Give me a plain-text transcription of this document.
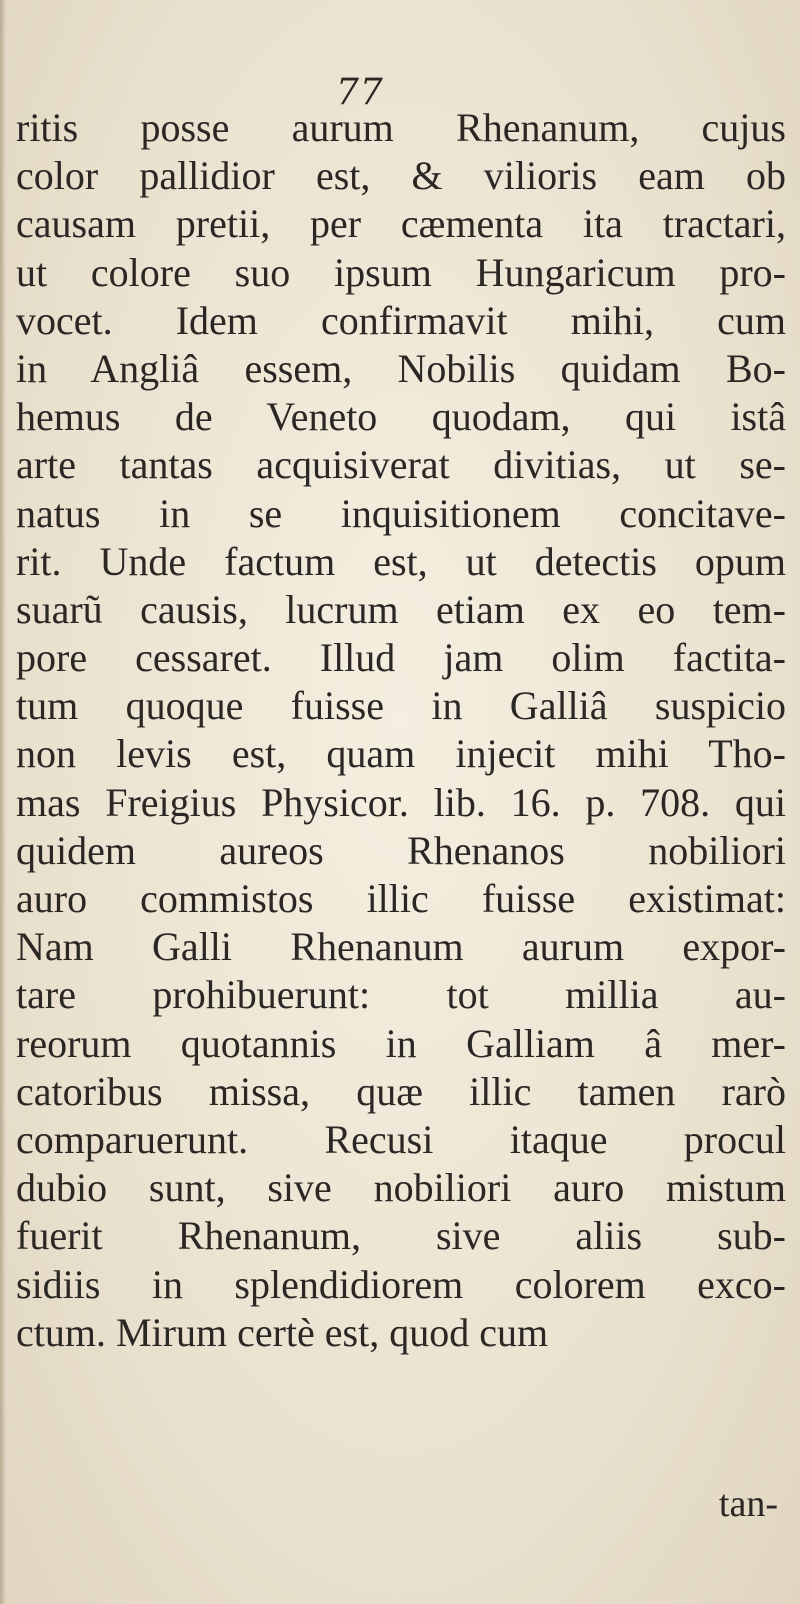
77
ritis posse aurum Rhenanum, cujus
color pallidior est, & vilioris eam ob
causam pretii, per cæmenta ita tractari,
ut colore suo ipsum Hungaricum pro-
vocet. Idem confirmavit mihi, cum
in Angliâ essem, Nobilis quidam Bo-
hemus de Veneto quodam, qui istâ
arte tantas acquisiverat divitias, ut se-
natus in se inquisitionem concitave-
rit. Unde factum est, ut detectis opum
suarũ causis, lucrum etiam ex eo tem-
pore cessaret. Illud jam olim factita-
tum quoque fuisse in Galliâ suspicio
non levis est, quam injecit mihi Tho-
mas Freigius Physicor. lib. 16. p. 708. qui
quidem aureos Rhenanos nobiliori
auro commistos illic fuisse existimat:
Nam Galli Rhenanum aurum expor-
tare prohibuerunt: tot millia au-
reorum quotannis in Galliam â mer-
catoribus missa, quæ illic tamen rarò
comparuerunt. Recusi itaque procul
dubio sunt, sive nobiliori auro mistum
fuerit Rhenanum, sive aliis sub-
sidiis in splendidiorem colorem exco-
ctum. Mirum certè est, quod cum
tan-
